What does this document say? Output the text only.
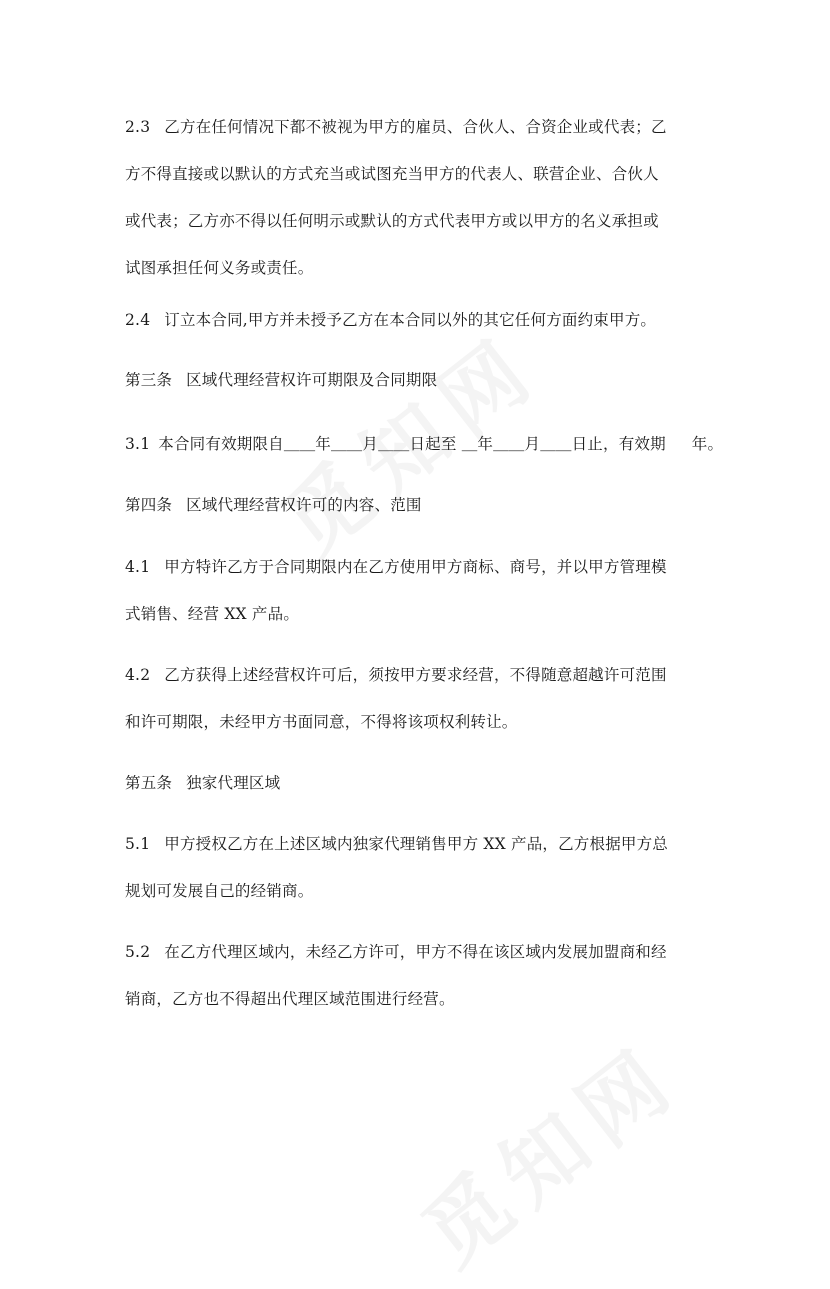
2.3 乙方在任何情况下都不被视为甲方的雇员、合伙人、合资企业或代表；乙
方不得直接或以默认的方式充当或试图充当甲方的代表人、联营企业、合伙人
或代表；乙方亦不得以任何明示或默认的方式代表甲方或以甲方的名义承担或
试图承担任何义务或责任。
2.4 订立本合同,甲方并未授予乙方在本合同以外的其它任何方面约束甲方。
第三条 区域代理经营权许可期限及合同期限
3.1 本合同有效期限自＿＿年＿＿月＿＿日起至 ＿年＿＿月＿＿日止，有效期 　 年。
第四条 区域代理经营权许可的内容、范围
4.1 甲方特许乙方于合同期限内在乙方使用甲方商标、商号，并以甲方管理模
式销售、经营 XX 产品。
4.2 乙方获得上述经营权许可后，须按甲方要求经营，不得随意超越许可范围
和许可期限，未经甲方书面同意，不得将该项权利转让。
第五条 独家代理区域
5.1 甲方授权乙方在上述区域内独家代理销售甲方 XX 产品，乙方根据甲方总
规划可发展自己的经销商。
5.2 在乙方代理区域内，未经乙方许可，甲方不得在该区域内发展加盟商和经
销商，乙方也不得超出代理区域范围进行经营。
